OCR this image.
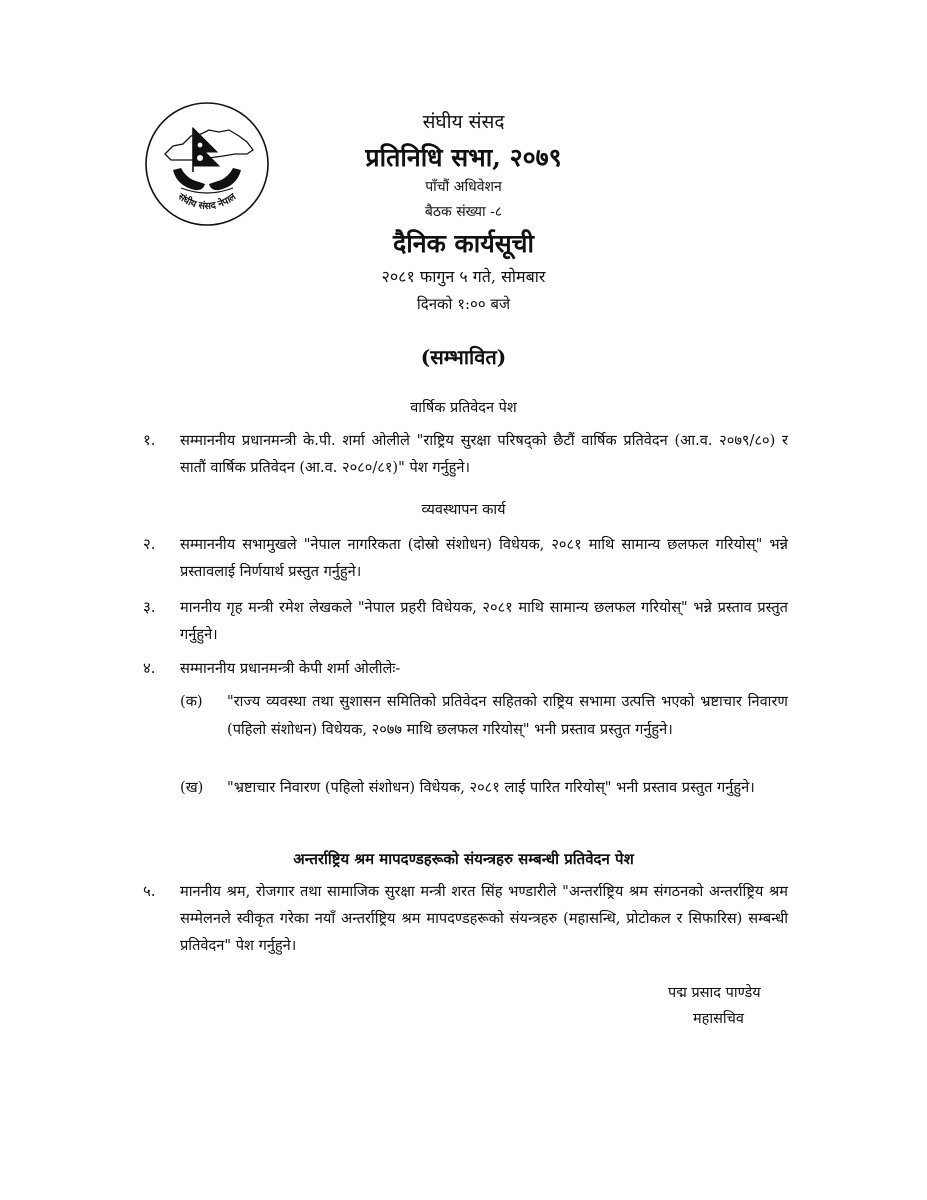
संघीय संसद नेपाल
संघीय संसद
प्रतिनिधि सभा, २०७९
पाँचौं अधिवेशन
बैठक संख्या -८
दैनिक कार्यसूची
२०८१ फागुन ५ गते, सोमबार
दिनको १:०० बजे
(सम्भावित)
वार्षिक प्रतिवेदन पेश
१. सम्माननीय प्रधानमन्त्री के.पी. शर्मा ओलीले "राष्ट्रिय सुरक्षा परिषद्को छैटौं वार्षिक प्रतिवेदन (आ.व. २०७९/८०) र सातौं वार्षिक प्रतिवेदन (आ.व. २०८०/८१)" पेश गर्नुहुने।
व्यवस्थापन कार्य
२. सम्माननीय सभामुखले "नेपाल नागरिकता (दोस्रो संशोधन) विधेयक, २०८१ माथि सामान्य छलफल गरियोस्" भन्ने प्रस्तावलाई निर्णयार्थ प्रस्तुत गर्नुहुने।
३. माननीय गृह मन्त्री रमेश लेखकले "नेपाल प्रहरी विधेयक, २०८१ माथि सामान्य छलफल गरियोस्" भन्ने प्रस्ताव प्रस्तुत गर्नुहुने।
४. सम्माननीय प्रधानमन्त्री केपी शर्मा ओलीलेः-
(क) "राज्य व्यवस्था तथा सुशासन समितिको प्रतिवेदन सहितको राष्ट्रिय सभामा उत्पत्ति भएको भ्रष्टाचार निवारण (पहिलो संशोधन) विधेयक, २०७७ माथि छलफल गरियोस्" भनी प्रस्ताव प्रस्तुत गर्नुहुने।
(ख) "भ्रष्टाचार निवारण (पहिलो संशोधन) विधेयक, २०८१ लाई पारित गरियोस्" भनी प्रस्ताव प्रस्तुत गर्नुहुने।
अन्तर्राष्ट्रिय श्रम मापदण्डहरूको संयन्त्रहरु सम्बन्धी प्रतिवेदन पेश
५. माननीय श्रम, रोजगार तथा सामाजिक सुरक्षा मन्त्री शरत सिंह भण्डारीले "अन्तर्राष्ट्रिय श्रम संगठनको अन्तर्राष्ट्रिय श्रम सम्मेलनले स्वीकृत गरेका नयाँ अन्तर्राष्ट्रिय श्रम मापदण्डहरूको संयन्त्रहरु (महासन्धि, प्रोटोकल र सिफारिस) सम्बन्धी प्रतिवेदन" पेश गर्नुहुने।
पद्म प्रसाद पाण्डेय
महासचिव
